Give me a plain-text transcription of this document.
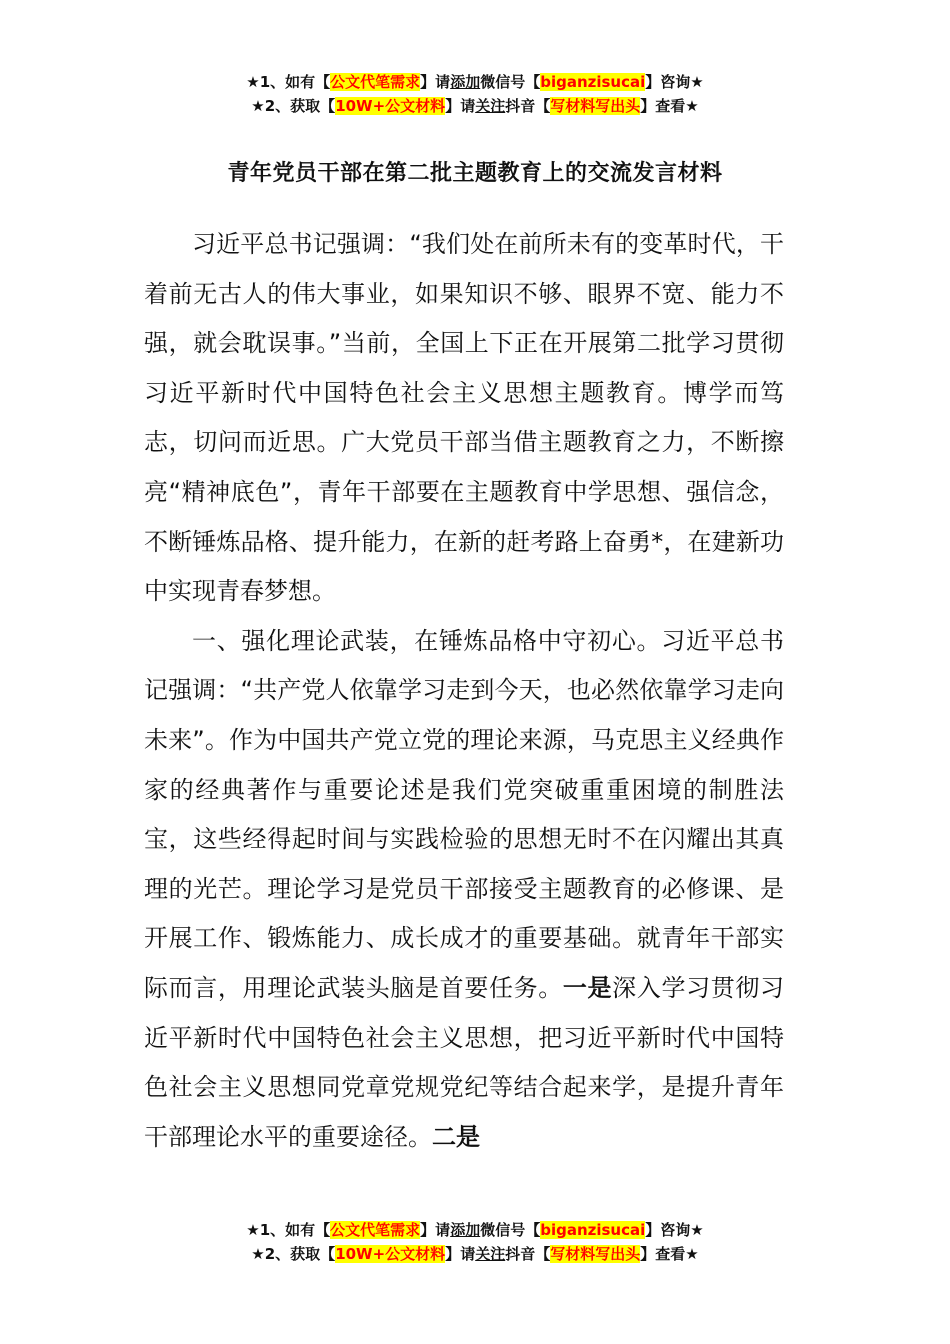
★1、如有【公文代笔需求】请添加微信号【biganzisucai】咨询★
★2、获取【10W+公文材料】请关注抖音【写材料写出头】查看★
青年党员干部在第二批主题教育上的交流发言材料

习近平总书记强调：“我们处在前所未有的变革时代，干着前无古人的伟大事业，如果知识不够、眼界不宽、能力不强，就会耽误事。”当前，全国上下正在开展第二批学习贯彻习近平新时代中国特色社会主义思想主题教育。博学而笃志，切问而近思。广大党员干部当借主题教育之力，不断擦亮“精神底色”，青年干部要在主题教育中学思想、强信念，不断锤炼品格、提升能力，在新的赶考路上奋勇*，在建新功中实现青春梦想。

一、强化理论武装，在锤炼品格中守初心。习近平总书记强调：“共产党人依靠学习走到今天，也必然依靠学习走向未来”。作为中国共产党立党的理论来源，马克思主义经典作家的经典著作与重要论述是我们党突破重重困境的制胜法宝，这些经得起时间与实践检验的思想无时不在闪耀出其真理的光芒。理论学习是党员干部接受主题教育的必修课、是开展工作、锻炼能力、成长成才的重要基础。就青年干部实际而言，用理论武装头脑是首要任务。一是深入学习贯彻习近平新时代中国特色社会主义思想，把习近平新时代中国特色社会主义思想同党章党规党纪等结合起来学，是提升青年干部理论水平的重要途径。二是

★1、如有【公文代笔需求】请添加微信号【biganzisucai】咨询★
★2、获取【10W+公文材料】请关注抖音【写材料写出头】查看★
